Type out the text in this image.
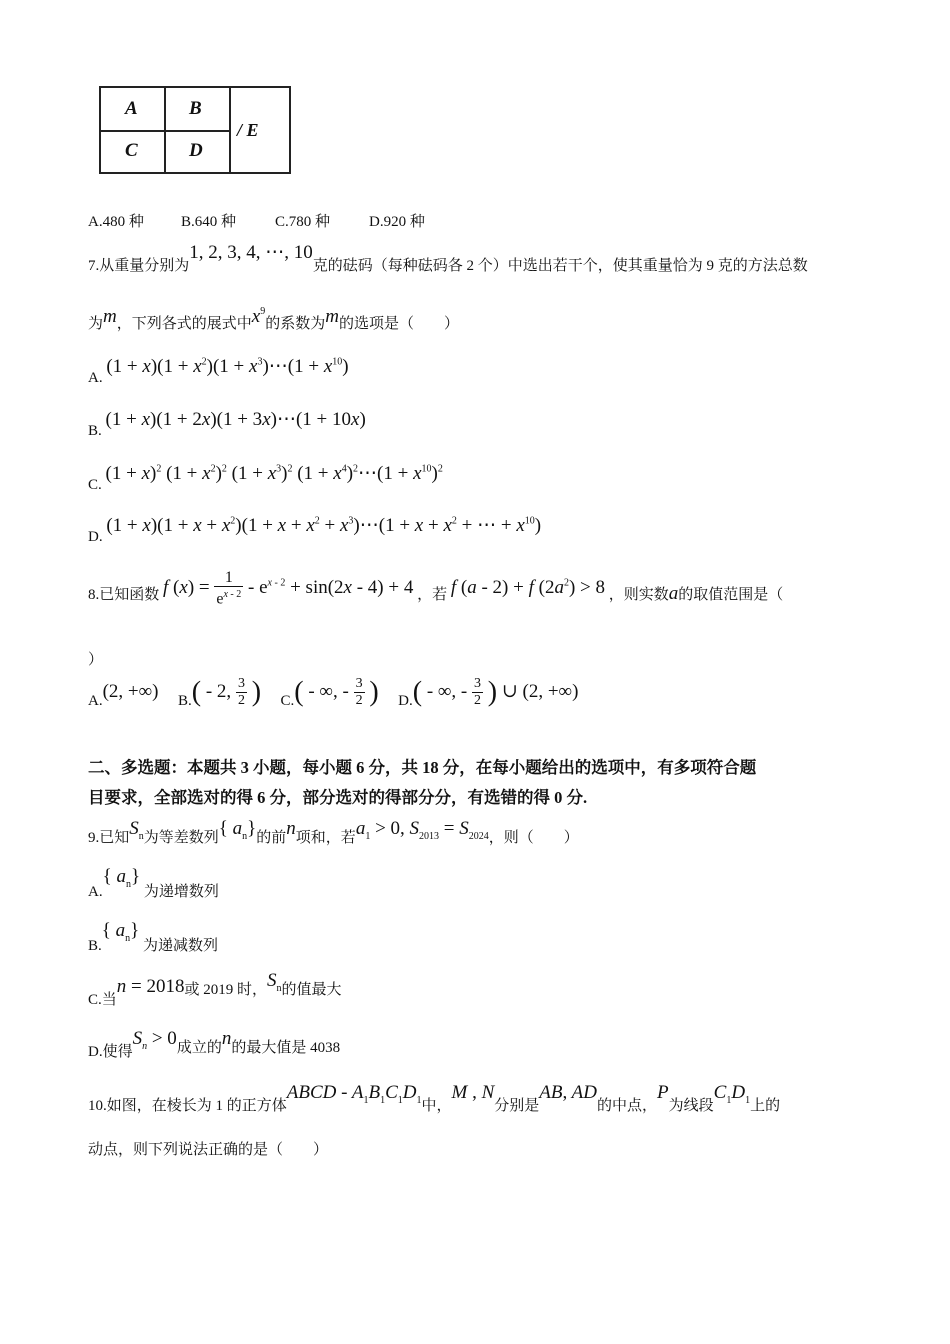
A	B
C	D
/ E
A.480 种 B.640 种	C.780 种	D.920 种
7.从重量分别为1, 2, 3, 4, ⋯, 10克的砝码（每种砝码各 2 个）中选出若干个，使其重量恰为 9 克的方法总数
为m，下列各式的展式中$x^9$的系数为m的选项是（　　）
A. $(1 + x)(1 + x^2)(1$ + $x^3)\cdots(1 + x^{10})$
B. (1 + x)(1 + 2x)(1 + 3x)⋯(1 + 10x)
C. $(1 + x)^2$ $(1 + x^2)^2$ $(1 + x^3)^2$ $(1 + x^4)^2\cdots(1 + x^{10})^2$
D. $(1 + x)(1 + x + x^2)(1 + x + x^2$ + $x^3)\cdots(1 + x + x^2$ + ⋯ + $x^{10}$)
8.已知函数 f $(x) = \frac{1}{e^{x - 2}} - e^{x - 2} + \sin(2x - 4) + 4$ ，若 f (a - 2) + f $(2a^2) > 8$ ，则实数a的取值范围是（
）
A.(2, +∞) B.( - 2, $\frac{3}{2}$ ) C.( - ∞, - $\frac{3}{2}$ ) D.( - ∞, - $\frac{3}{2}$ ) ∪ (2, +∞)
二、多选题：本题共 3 小题，每小题 6 分，共 18 分，在每小题给出的选项中，有多项符合题
目要求，全部选对的得 6 分，部分选对的得部分分，有选错的得 0 分.
9.已知$S_n$为等差数列{ $a_n$}的前n项和，若$a_1 > 0$, $S_{2013} = S_{2024}$，则（　　）
A.{ $a_n$} 为递增数列
B.{ $a_n$} 为递减数列
C.当n = 2018或 2019 时，$S_n$的值最大
D.使得$S_n > 0$成立的n的最大值是 4038
10.如图，在棱长为 1 的正方体ABCD - $A_1B_1C_1D_1$中，M , N分别是AB, AD的中点，P为线段$C_1D_1$上的
动点，则下列说法正确的是（　　）
